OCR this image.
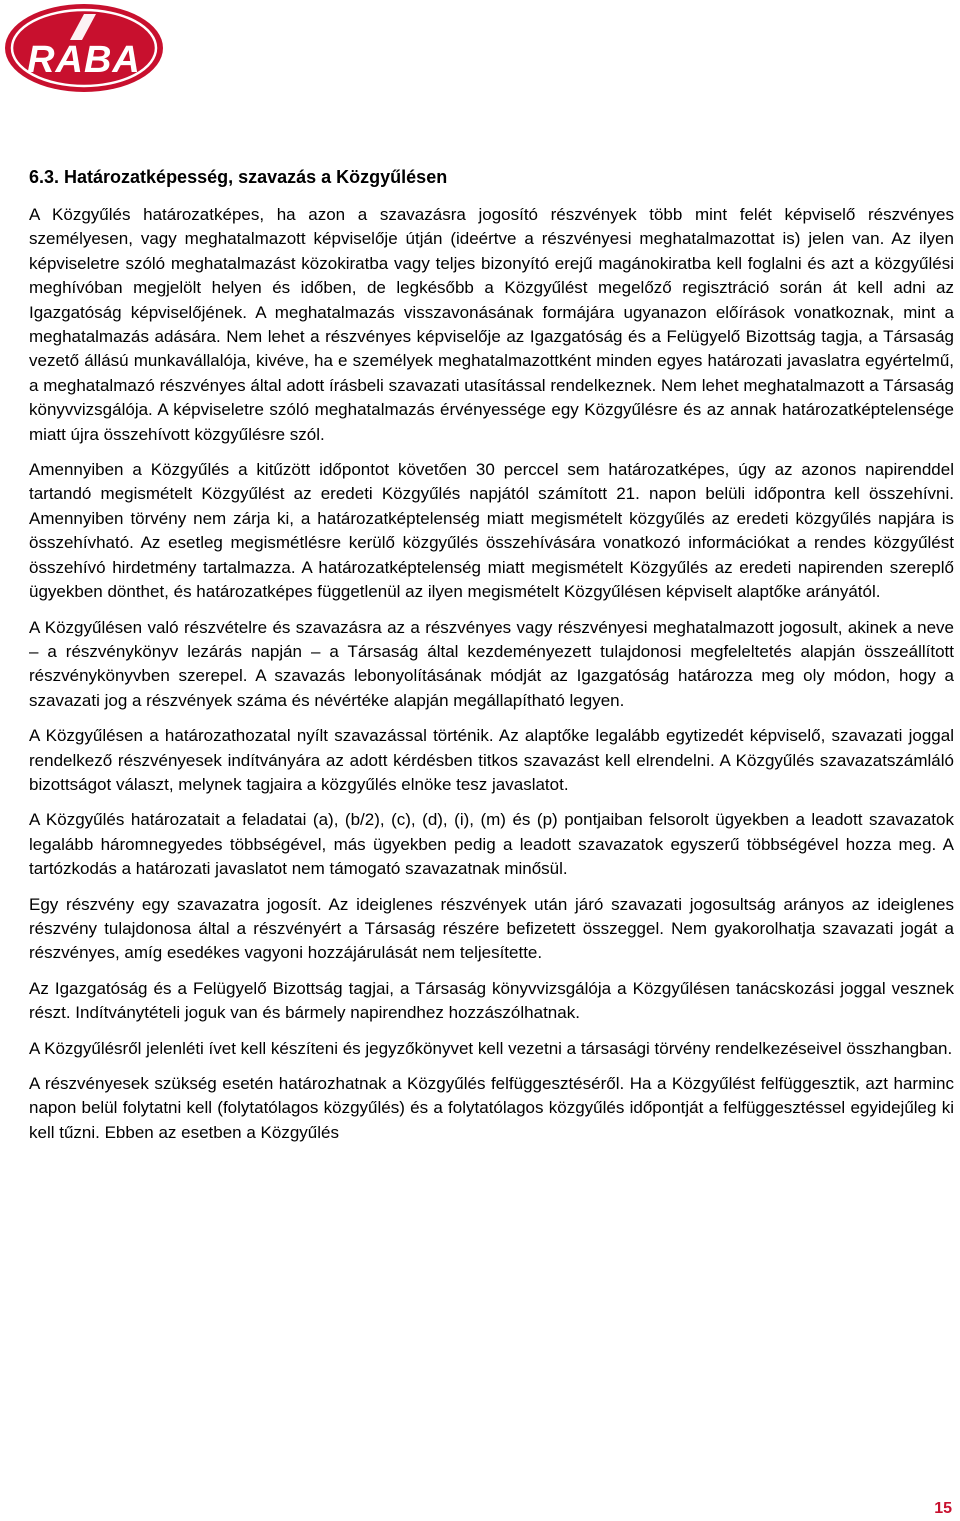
RABA
6.3. Határozatképesség, szavazás a Közgyűlésen

A Közgyűlés határozatképes, ha azon a szavazásra jogosító részvények több mint felét képviselő részvényes személyesen, vagy meghatalmazott képviselője útján (ideértve a részvényesi meghatalmazottat is) jelen van. Az ilyen képviseletre szóló meghatalmazást közokiratba vagy teljes bizonyító erejű magánokiratba kell foglalni és azt a közgyűlési meghívóban megjelölt helyen és időben, de legkésőbb a Közgyűlést megelőző regisztráció során át kell adni az Igazgatóság képviselőjének. A meghatalmazás visszavonásának formájára ugyanazon előírások vonatkoznak, mint a meghatalmazás adására. Nem lehet a részvényes képviselője az Igazgatóság és a Felügyelő Bizottság tagja, a Társaság vezető állású munkavállalója, kivéve, ha e személyek meghatalmazottként minden egyes határozati javaslatra egyértelmű, a meghatalmazó részvényes által adott írásbeli szavazati utasítással rendelkeznek. Nem lehet meghatalmazott a Társaság könyvvizsgálója. A képviseletre szóló meghatalmazás érvényessége egy Közgyűlésre és az annak határozatképtelensége miatt újra összehívott közgyűlésre szól.

Amennyiben a Közgyűlés a kitűzött időpontot követően 30 perccel sem határozatképes, úgy az azonos napirenddel tartandó megismételt Közgyűlést az eredeti Közgyűlés napjától számított 21. napon belüli időpontra kell összehívni. Amennyiben törvény nem zárja ki, a határozatképtelenség miatt megismételt közgyűlés az eredeti közgyűlés napjára is összehívható. Az esetleg megismétlésre kerülő közgyűlés összehívására vonatkozó információkat a rendes közgyűlést összehívó hirdetmény tartalmazza. A határozatképtelenség miatt megismételt Közgyűlés az eredeti napirenden szereplő ügyekben dönthet, és határozatképes függetlenül az ilyen megismételt Közgyűlésen képviselt alaptőke arányától.

A Közgyűlésen való részvételre és szavazásra az a részvényes vagy részvényesi meghatalmazott jogosult, akinek a neve – a részvénykönyv lezárás napján – a Társaság által kezdeményezett tulajdonosi megfeleltetés alapján összeállított részvénykönyvben szerepel. A szavazás lebonyolításának módját az Igazgatóság határozza meg oly módon, hogy a szavazati jog a részvények száma és névértéke alapján megállapítható legyen.

A Közgyűlésen a határozathozatal nyílt szavazással történik. Az alaptőke legalább egytizedét képviselő, szavazati joggal rendelkező részvényesek indítványára az adott kérdésben titkos szavazást kell elrendelni. A Közgyűlés szavazatszámláló bizottságot választ, melynek tagjaira a közgyűlés elnöke tesz javaslatot.

A Közgyűlés határozatait a feladatai (a), (b/2), (c), (d), (i), (m) és (p) pontjaiban felsorolt ügyekben a leadott szavazatok legalább háromnegyedes többségével, más ügyekben pedig a leadott szavazatok egyszerű többségével hozza meg. A tartózkodás a határozati javaslatot nem támogató szavazatnak minősül.

Egy részvény egy szavazatra jogosít. Az ideiglenes részvények után járó szavazati jogosultság arányos az ideiglenes részvény tulajdonosa által a részvényért a Társaság részére befizetett összeggel. Nem gyakorolhatja szavazati jogát a részvényes, amíg esedékes vagyoni hozzájárulását nem teljesítette.

Az Igazgatóság és a Felügyelő Bizottság tagjai, a Társaság könyvvizsgálója a Közgyűlésen tanácskozási joggal vesznek részt. Indítványtételi joguk van és bármely napirendhez hozzászólhatnak.

A Közgyűlésről jelenléti ívet kell készíteni és jegyzőkönyvet kell vezetni a társasági törvény rendelkezéseivel összhangban.

A részvényesek szükség esetén határozhatnak a Közgyűlés felfüggesztéséről. Ha a Közgyűlést felfüggesztik, azt harminc napon belül folytatni kell (folytatólagos közgyűlés) és a folytatólagos közgyűlés időpontját a felfüggesztéssel egyidejűleg ki kell tűzni. Ebben az esetben a Közgyűlés

15
